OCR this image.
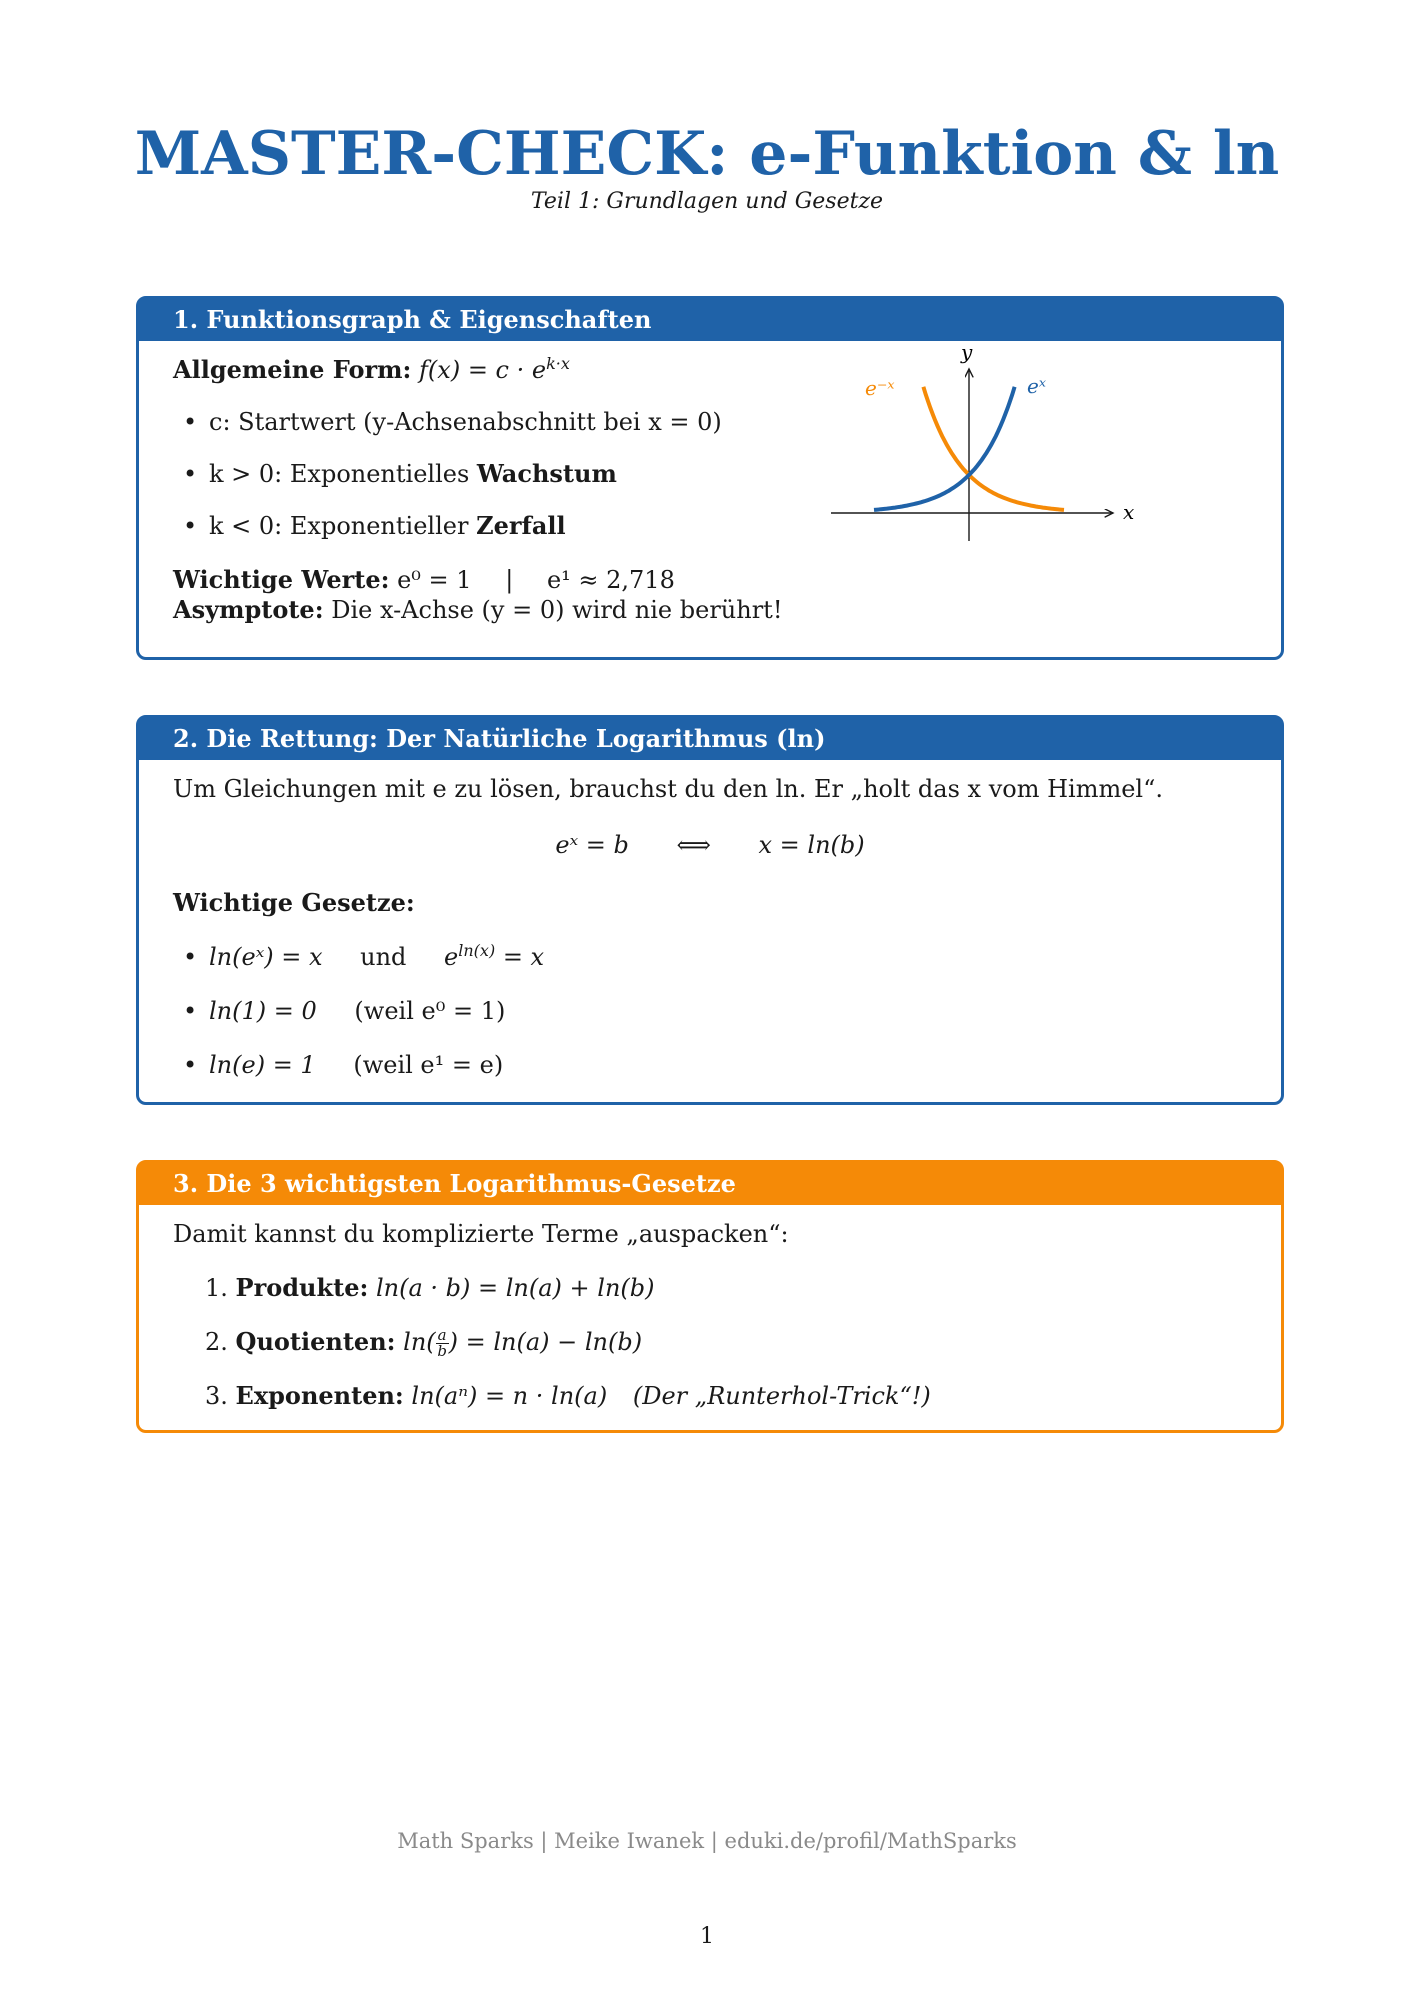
MASTER-CHECK: e-Funktion & ln
Teil 1: Grundlagen und Gesetze
1. Funktionsgraph & Eigenschaften
Allgemeine Form: $f(x) = c \cdot e^{k\cdot x}$
• c: Startwert (y-Achsenabschnitt bei x = 0)
• k > 0: Exponentielles Wachstum
• k < 0: Exponentieller Zerfall
Wichtige Werte: e⁰ = 1 | e¹ ≈ 2,718
Asymptote: Die x-Achse (y = 0) wird nie berührt!
x
y
eˣ
e⁻ˣ
2. Die Rettung: Der Natürliche Logarithmus (ln)
Um Gleichungen mit e zu lösen, brauchst du den ln. Er „holt das x vom Himmel“.
eˣ = b ⟺ x = ln(b)
Wichtige Gesetze:
• ln(eˣ) = x und $e^{ln(x)} = x$
• ln(1) = 0 (weil e⁰ = 1)
• ln(e) = 1 (weil e¹ = e)
3. Die 3 wichtigsten Logarithmus-Gesetze
Damit kannst du komplizierte Terme „auspacken“:
1. Produkte: ln(a · b) = ln(a) + ln(b)
2. Quotienten: $\ln( \frac{a}{b}$ ) = ln(a) − ln(b)
3. Exponenten: ln(aⁿ) = n · ln(a) (Der „Runterhol-Trick“!)
Math Sparks | Meike Iwanek | eduki.de/profil/MathSparks
1
